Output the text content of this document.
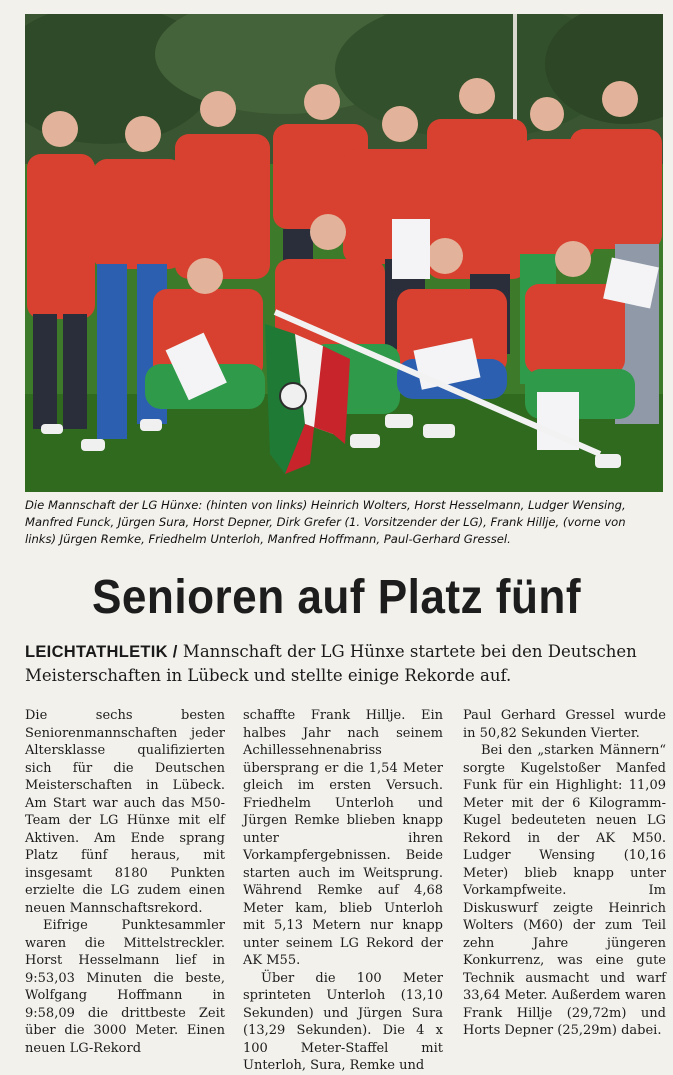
Die Mannschaft der LG Hünxe: (hinten von links) Heinrich Wolters, Horst Hesselmann, Ludger Wensing, Manfred Funck, Jürgen Sura, Horst Depner, Dirk Grefer (1. Vorsitzender der LG), Frank Hillje, (vorne von links) Jürgen Remke, Friedhelm Unterloh, Manfred Hoffmann, Paul-Gerhard Gressel.
Senioren auf Platz fünf
LEICHTATHLETIK / Mannschaft der LG Hünxe startete bei den Deutschen Meisterschaften in Lübeck und stellte einige Rekorde auf.

Die sechs besten Seniorenmannschaften jeder Altersklasse qualifizierten sich für die Deutschen Meisterschaften in Lübeck. Am Start war auch das M50-Team der LG Hünxe mit elf Aktiven. Am Ende sprang Platz fünf heraus, mit insgesamt 8180 Punkten erzielte die LG zudem einen neuen Mannschaftsrekord.

Eifrige Punktesammler waren die Mittelstreckler. Horst Hesselmann lief in 9:53,03 Minuten die beste, Wolfgang Hoffmann in 9:58,09 die drittbeste Zeit über die 3000 Meter. Einen neuen LG-Rekord

schaffte Frank Hillje. Ein halbes Jahr nach seinem Achillessehnenabriss übersprang er die 1,54 Meter gleich im ersten Versuch. Friedhelm Unterloh und Jürgen Remke blieben knapp unter ihren Vorkampfergebnissen. Beide starten auch im Weitsprung. Während Remke auf 4,68 Meter kam, blieb Unterloh mit 5,13 Metern nur knapp unter seinem LG Rekord der AK M55.

Über die 100 Meter sprinteten Unterloh (13,10 Sekunden) und Jürgen Sura (13,29 Sekunden). Die 4 x 100 Meter-Staffel mit Unterloh, Sura, Remke und

Paul Gerhard Gressel wurde in 50,82 Sekunden Vierter.

Bei den „starken Männern“ sorgte Kugelstoßer Manfed Funk für ein Highlight: 11,09 Meter mit der 6 Kilogramm-Kugel bedeuteten neuen LG Rekord in der AK M50. Ludger Wensing (10,16 Meter) blieb knapp unter Vorkampfweite. Im Diskuswurf zeigte Heinrich Wolters (M60) der zum Teil zehn Jahre jüngeren Konkurrenz, was eine gute Technik ausmacht und warf 33,64 Meter. Außerdem waren Frank Hillje (29,72m) und Horts Depner (25,29m) dabei.
